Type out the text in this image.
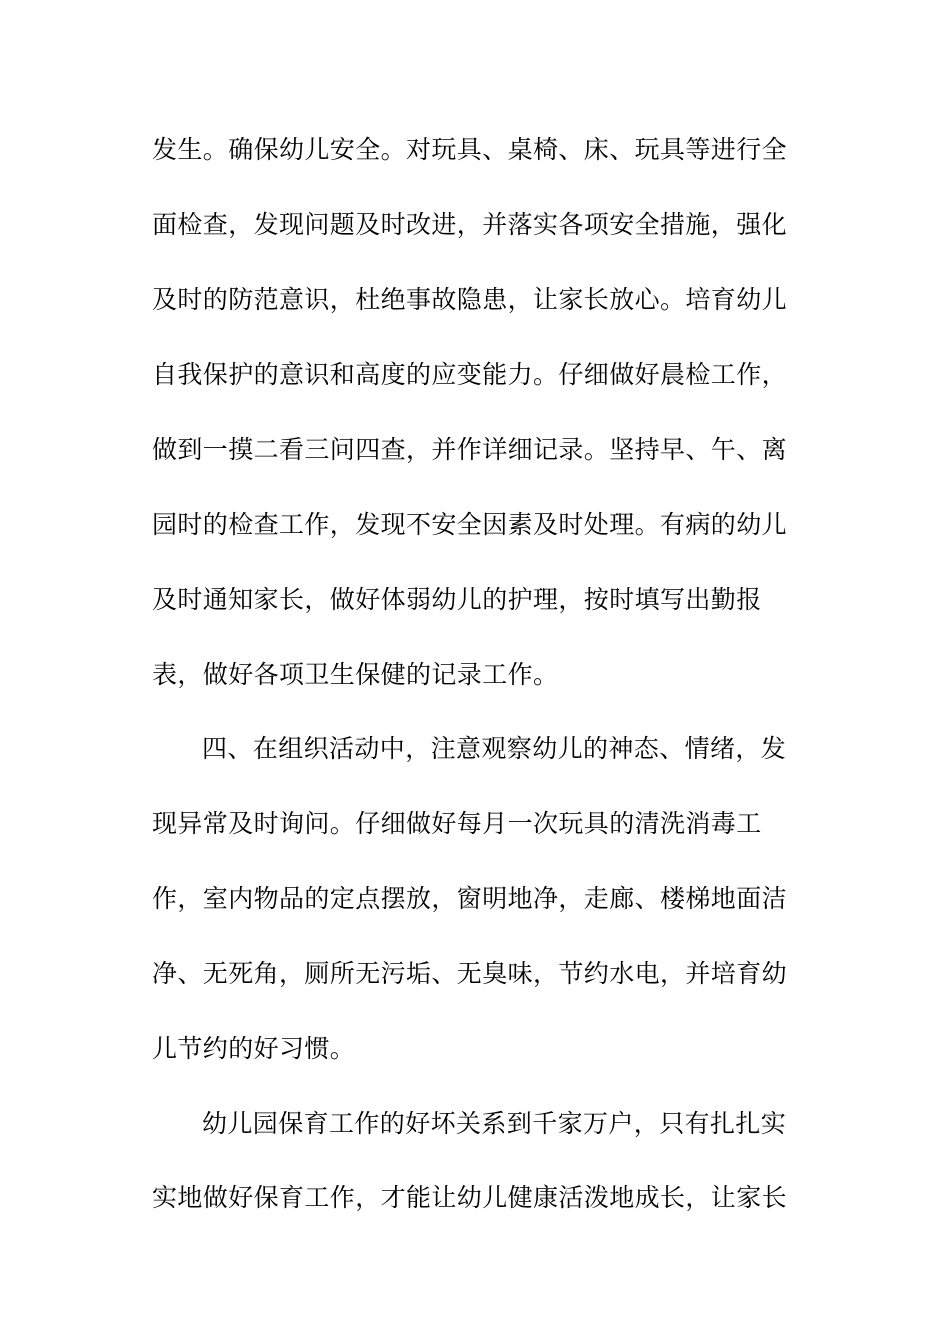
发生。确保幼儿安全。对玩具、桌椅、床、玩具等进行全
面检查，发现问题及时改进，并落实各项安全措施，强化
及时的防范意识，杜绝事故隐患，让家长放心。培育幼儿
自我保护的意识和高度的应变能力。仔细做好晨检工作，
做到一摸二看三问四查，并作详细记录。坚持早、午、离
园时的检查工作，发现不安全因素及时处理。有病的幼儿
及时通知家长，做好体弱幼儿的护理，按时填写出勤报
表，做好各项卫生保健的记录工作。
四、在组织活动中，注意观察幼儿的神态、情绪，发
现异常及时询问。仔细做好每月一次玩具的清洗消毒工
作，室内物品的定点摆放，窗明地净，走廊、楼梯地面洁
净、无死角，厕所无污垢、无臭味，节约水电，并培育幼
儿节约的好习惯。
幼儿园保育工作的好坏关系到千家万户，只有扎扎实
实地做好保育工作，才能让幼儿健康活泼地成长，让家长
